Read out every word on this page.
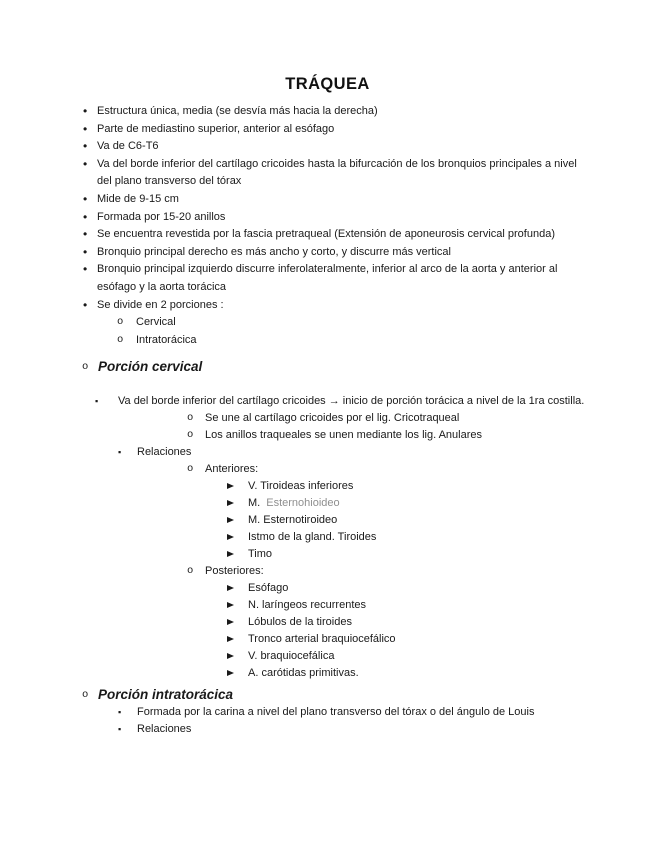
TRÁQUEA
• Estructura única, media (se desvía más hacia la derecha)
• Parte de mediastino superior, anterior al esófago
• Va de C6-T6
• Va del borde inferior del cartílago cricoides hasta la bifurcación de los bronquios principales a nivel del plano transverso del tórax
• Mide de 9-15 cm
• Formada por 15-20 anillos
• Se encuentra revestida por la fascia pretraqueal (Extensión de aponeurosis cervical profunda)
• Bronquio principal derecho es más ancho y corto, y discurre más vertical
• Bronquio principal izquierdo discurre inferolateralmente, inferior al arco de la aorta y anterior al esófago y la aorta torácica
• Se divide en 2 porciones :
o Cervical
o Intratorácica
o Porción cervical
▪ Va del borde inferior del cartílago cricoides → inicio de porción torácica a nivel de la 1ra costilla.
o Se une al cartílago cricoides por el lig. Cricotraqueal
o Los anillos traqueales se unen mediante los lig. Anulares
▪ Relaciones
o Anteriores:
V. Tiroideas inferiores
M. Esternohioideo
M. Esternotiroideo
Istmo de la gland. Tiroides
Timo
o Posteriores:
Esófago
N. laríngeos recurrentes
Lóbulos de la tiroides
Tronco arterial braquiocefálico
V. braquiocefálica
A. carótidas primitivas.
o Porción intratorácica
▪ Formada por la carina a nivel del plano transverso del tórax o del ángulo de Louis
▪ Relaciones
